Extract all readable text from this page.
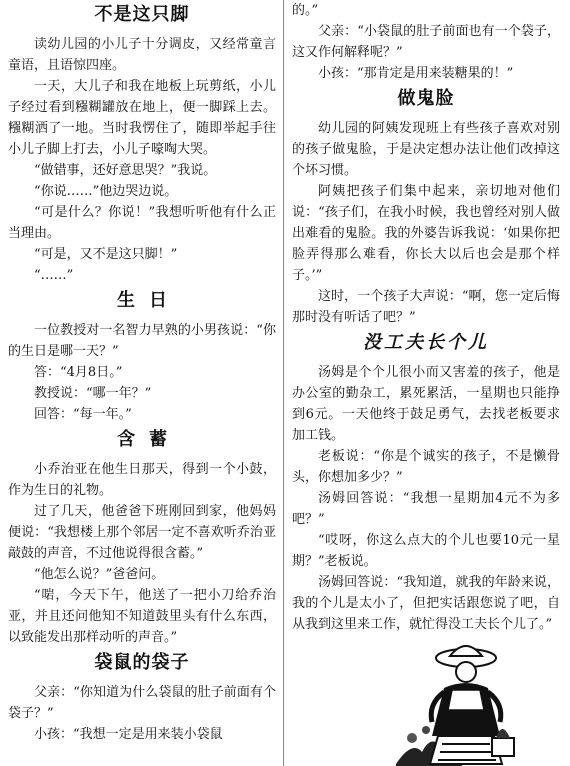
不是这只脚

读幼儿园的小儿子十分调皮，又经常童言童语，且语惊四座。

一天，大儿子和我在地板上玩剪纸，小儿子经过看到糨糊罐放在地上，便一脚踩上去。糨糊洒了一地。当时我愣住了，随即举起手往小儿子脚上打去，小儿子嚎啕大哭。

“做错事，还好意思哭？”我说。

“你说……”他边哭边说。

“可是什么？你说！”我想听听他有什么正当理由。

“可是，又不是这只脚！”

“……”

生日

一位教授对一名智力早熟的小男孩说：“你的生日是哪一天？”

答：“4月8日。”

教授说：“哪一年？”

回答：“每一年。”

含蓄

小乔治亚在他生日那天，得到一个小鼓，作为生日的礼物。

过了几天，他爸爸下班刚回到家，他妈妈便说：“我想楼上那个邻居一定不喜欢听乔治亚敲鼓的声音，不过他说得很含蓄。”

“他怎么说？”爸爸问。

“啱，今天下午，他送了一把小刀给乔治亚，并且还问他知不知道鼓里头有什么东西，以致能发出那样动听的声音。”

袋鼠的袋子

父亲：“你知道为什么袋鼠的肚子前面有个袋子？”

小孩：“我想一定是用来装小袋鼠

的。”

父亲：“小袋鼠的肚子前面也有一个袋子，这又作何解释呢？”

小孩：“那肯定是用来装糖果的！”

做鬼脸

幼儿园的阿姨发现班上有些孩子喜欢对别的孩子做鬼脸，于是决定想办法让他们改掉这个坏习惯。

阿姨把孩子们集中起来，亲切地对他们说：“孩子们，在我小时候，我也曾经对别人做出难看的鬼脸。我的外婆告诉我说：‘如果你把脸弄得那么难看，你长大以后也会是那个样子。’”

这时，一个孩子大声说：“啊，您一定后悔那时没有听话了吧？”

没工夫长个儿

汤姆是个个儿很小而又害羞的孩子，他是办公室的勤杂工，累死累活，一星期也只能挣到6元。一天他终于鼓足勇气，去找老板要求加工钱。

老板说：“你是个诚实的孩子，不是懒骨头，你想加多少？”

汤姆回答说：“我想一星期加4元不为多吧？”

“哎呀，你这么点大的个儿也要10元一星期？”老板说。

汤姆回答说：“我知道，就我的年龄来说，我的个儿是太小了，但把实话跟您说了吧，自从我到这里来工作，就忙得没工夫长个儿了。”
